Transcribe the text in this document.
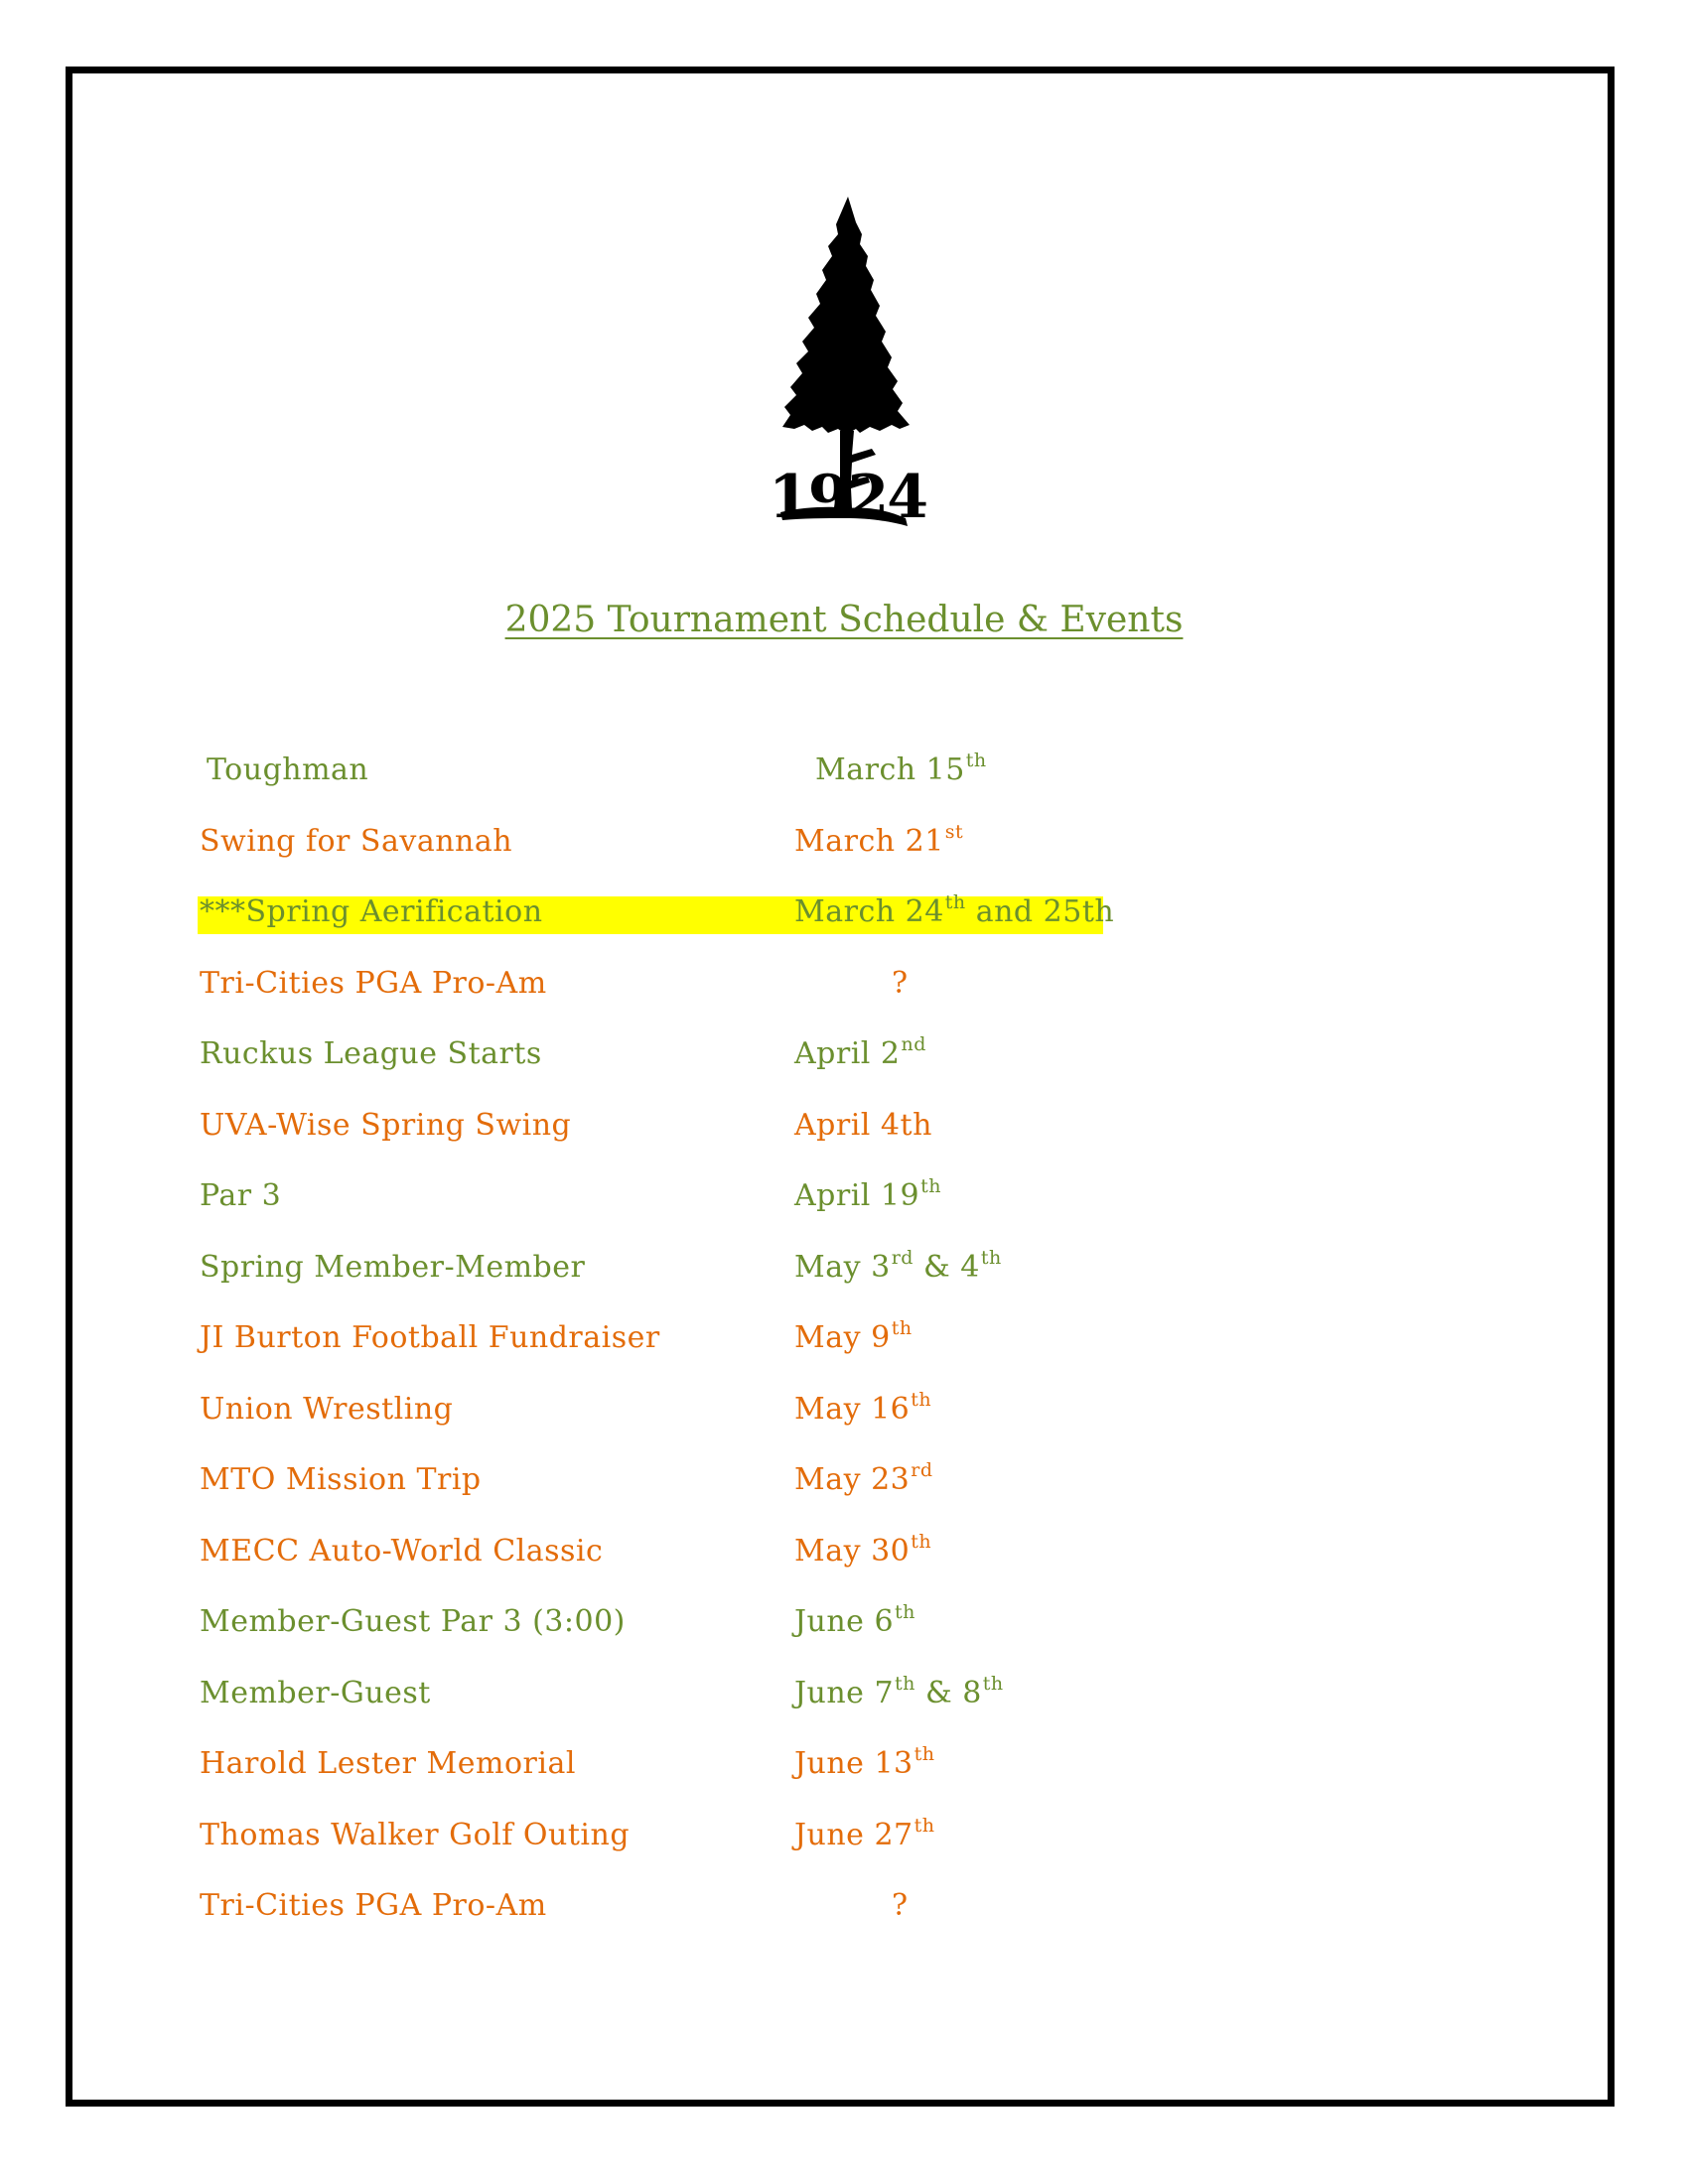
1924
2025 Tournament Schedule & Events
Toughman	March 15th
Swing for Savannah	March 21st
***Spring Aerification	March 24th and 25th
Tri-Cities PGA Pro-Am	?
Ruckus League Starts	April 2nd
UVA-Wise Spring Swing	April 4th
Par 3	April 19th
Spring Member-Member	May 3rd & 4th
JI Burton Football Fundraiser	May 9th
Union Wrestling	May 16th
MTO Mission Trip	May 23rd
MECC Auto-World Classic	May 30th
Member-Guest Par 3 (3:00)	June 6th
Member-Guest	June 7th & 8th
Harold Lester Memorial	June 13th
Thomas Walker Golf Outing	June 27th
Tri-Cities PGA Pro-Am	?
